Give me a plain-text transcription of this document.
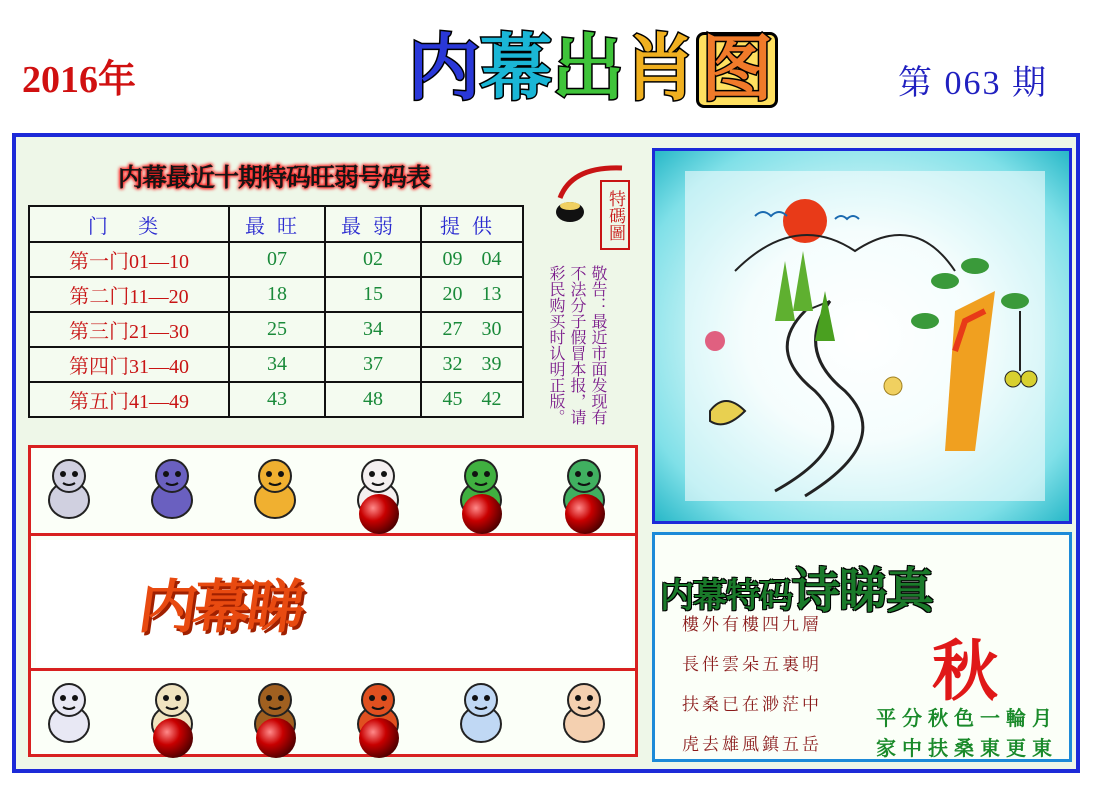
2016年	内 幕 出 肖 图	第 063 期
内幕最近十期特码旺弱号码表
门 类	最旺	最弱	提供
第一门01—10	07	02	09 04
第二门11—20	18	15	20 13
第三门21—30	25	34	27 30
第四门31—40	34	37	32 39
第五门41—49	43	48	45 42
特碼圖
敬告：最近市面发现有不法分子假冒本报，请彩民购买时认明正版。
内幕睇	内幕特码诗睇真
樓外有樓四九層
長伴雲朵五裏明
扶桑已在渺茫中
虎去雄風鎮五岳
秋
平分秋色一輪月
家中扶桑東更東
